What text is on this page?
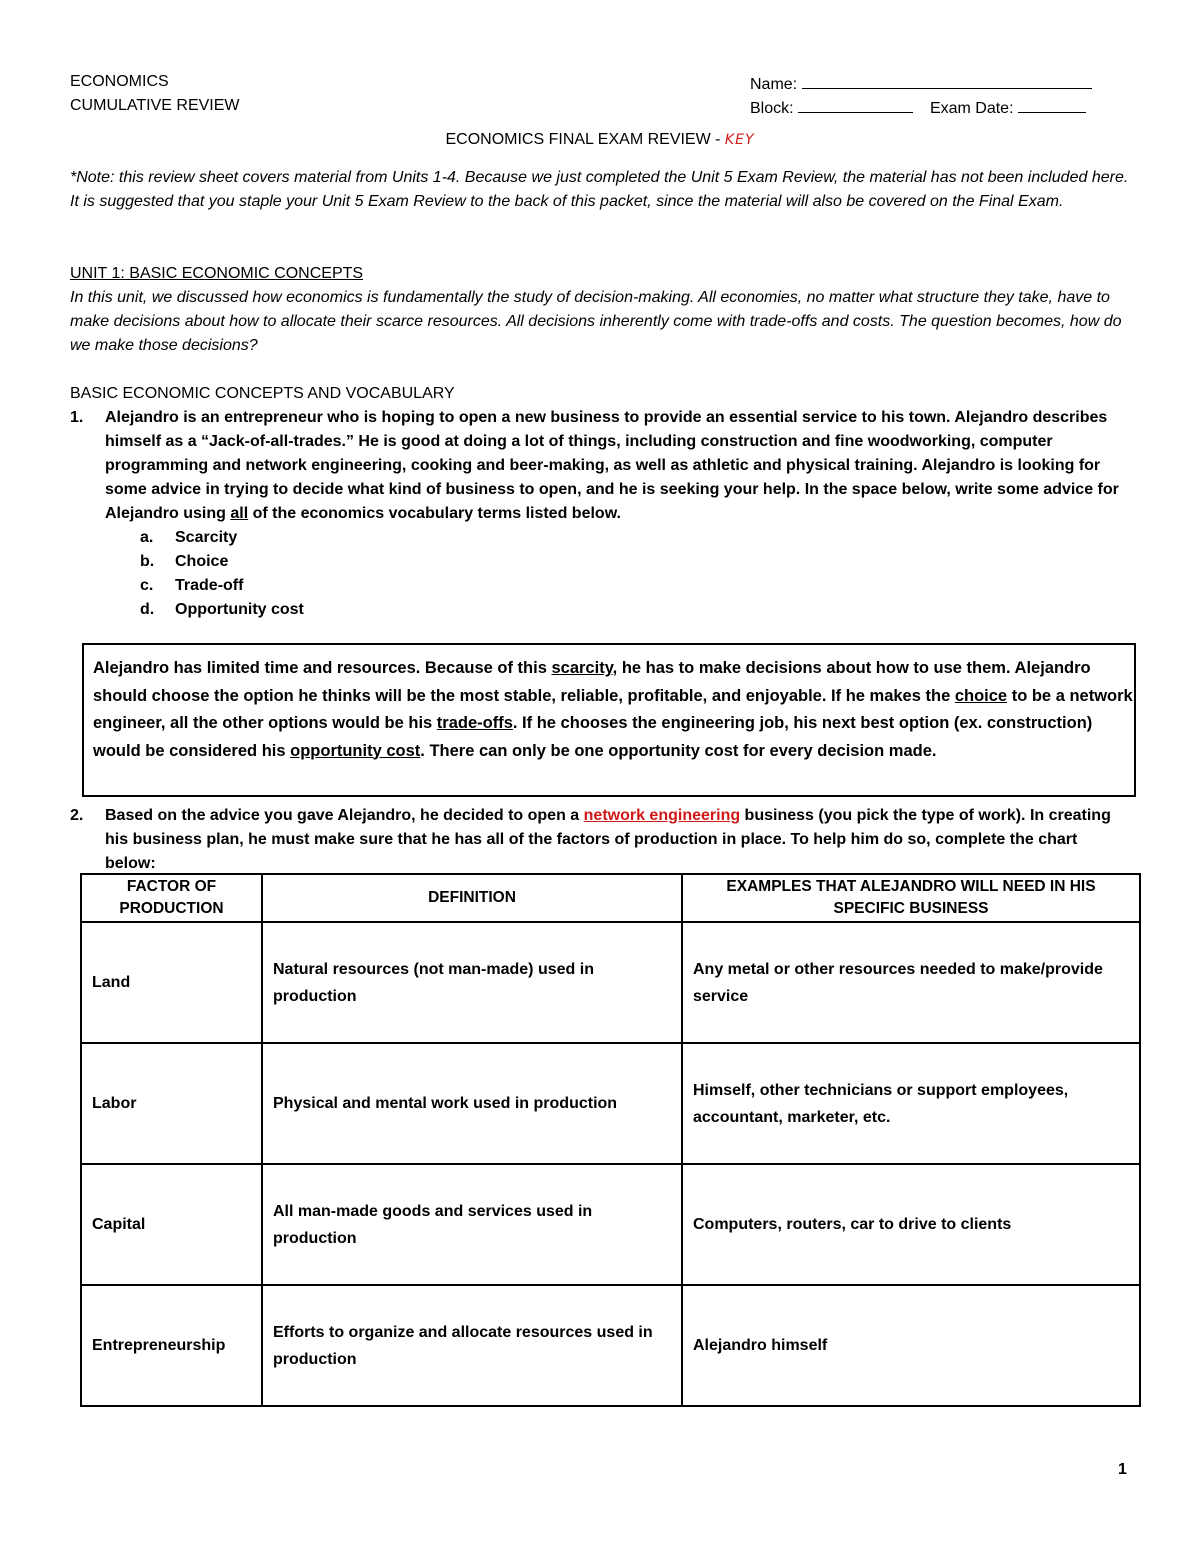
ECONOMICS
CUMULATIVE REVIEW
Name:
Block:	Exam Date:
ECONOMICS FINAL EXAM REVIEW - KEY
*Note: this review sheet covers material from Units 1-4. Because we just completed the Unit 5 Exam Review, the material has not been included here. It is suggested that you staple your Unit 5 Exam Review to the back of this packet, since the material will also be covered on the Final Exam.
UNIT 1: BASIC ECONOMIC CONCEPTS
In this unit, we discussed how economics is fundamentally the study of decision-making. All economies, no matter what structure they take, have to make decisions about how to allocate their scarce resources. All decisions inherently come with trade-offs and costs. The question becomes, how do we make those decisions?
BASIC ECONOMIC CONCEPTS AND VOCABULARY
1. Alejandro is an entrepreneur who is hoping to open a new business to provide an essential service to his town. Alejandro describes himself as a “Jack-of-all-trades.” He is good at doing a lot of things, including construction and fine woodworking, computer programming and network engineering, cooking and beer-making, as well as athletic and physical training. Alejandro is looking for some advice in trying to decide what kind of business to open, and he is seeking your help. In the space below, write some advice for Alejandro using all of the economics vocabulary terms listed below.
a. Scarcity
b. Choice
c. Trade-off
d. Opportunity cost
Alejandro has limited time and resources. Because of this scarcity, he has to make decisions about how to use them. Alejandro should choose the option he thinks will be the most stable, reliable, profitable, and enjoyable. If he makes the choice to be a network engineer, all the other options would be his trade-offs. If he chooses the engineering job, his next best option (ex. construction) would be considered his opportunity cost. There can only be one opportunity cost for every decision made.
2. Based on the advice you gave Alejandro, he decided to open a network engineering business (you pick the type of work). In creating his business plan, he must make sure that he has all of the factors of production in place. To help him do so, complete the chart below:
FACTOR OF PRODUCTION	DEFINITION	EXAMPLES THAT ALEJANDRO WILL NEED IN HIS SPECIFIC BUSINESS
Land	Natural resources (not man-made) used in production	Any metal or other resources needed to make/provide service
Labor	Physical and mental work used in production	Himself, other technicians or support employees, accountant, marketer, etc.
Capital	All man-made goods and services used in production	Computers, routers, car to drive to clients
Entrepreneurship	Efforts to organize and allocate resources used in production	Alejandro himself
1
